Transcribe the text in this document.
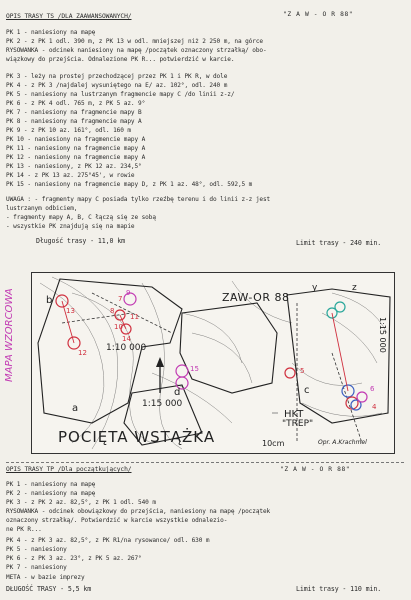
OPIS TRASY TS /DLA ZAAWANSOWANYCH/	"Z A W - O R 88"
PK 1 - naniesiony na mapę
PK 2 - z PK 1 odl. 390 m, z PK 13 w odl. mniejszej niż 2 250 m, na górce
RYSOWANKA - odcinek naniesiony na mapę /początek oznaczony strzałką/ obo-
wiązkowy do przejścia. Odnalezione PK R... potwierdzić w karcie.
PK 3 - leży na prostej przechodzącej przez PK 1 i PK R, w dole
PK 4 - z PK 3 /najdalej wysuniętego na E/ az. 102°, odl. 240 m
PK 5 - naniesiony na lustrzanym fragmencie mapy C /do linii z-z/
PK 6 - z PK 4 odl. 765 m, z PK 5 az. 9°
PK 7 - naniesiony na fragmencie mapy B
PK 8 - naniesiony na fragmencie mapy A
PK 9 - z PK 10 az. 161°, odl. 160 m
PK 10 - naniesiony na fragmencie mapy A
PK 11 - naniesiony na fragmencie mapy A
PK 12 - naniesiony na fragmencie mapy A
PK 13 - naniesiony, z PK 12 az. 234,5°
PK 14 - z PK 13 az. 275°45', w rowie
PK 15 - naniesiony na fragmencie mapy D, z PK 1 az. 48°, odl. 592,5 m
UWAGA : - fragmenty mapy C posiada tylko rzeźbę terenu i do linii z-z jest
lustrzanym odbiciem,
- fragmenty mapy A, B, C łączą się ze sobą
- wszystkie PK znajdują się na mapie
Długość trasy - 11,0 km	Limit trasy - 240 min.
MAPA WZORCOWA	ZAW-OR 88
1:10 000
1:15 000
1:15 000
POCIĘTA WSTĄŻKA
HKT
"TREP"
10cm	Opr. A.Krachmel
a
b
c
d
y	z
12
9
13
11
14
15	5
6
4
8
10
7
OPIS TRASY TP /Dla początkujących/	"Z A W - O R 88"
PK 1 - naniesiony na mapę
PK 2 - naniesiony na mapę
PK 3 - z PK 2 az. 82,5°, z PK 1 odl. 540 m
RYSOWANKA - odcinek obowiązkowy do przejścia, naniesiony na mapę /początek
oznaczony strzałką/. Potwierdzić w karcie wszystkie odnalezio-
ne PK R...
PK 4 - z PK 3 az. 82,5°, z PK R1/na rysowance/ odl. 630 m
PK 5 - naniesiony
PK 6 - z PK 3 az. 23°, z PK 5 az. 267°
PK 7 - naniesiony
META - w bazie imprezy
DŁUGOŚĆ TRASY - 5,5 km	Limit trasy - 110 min.
